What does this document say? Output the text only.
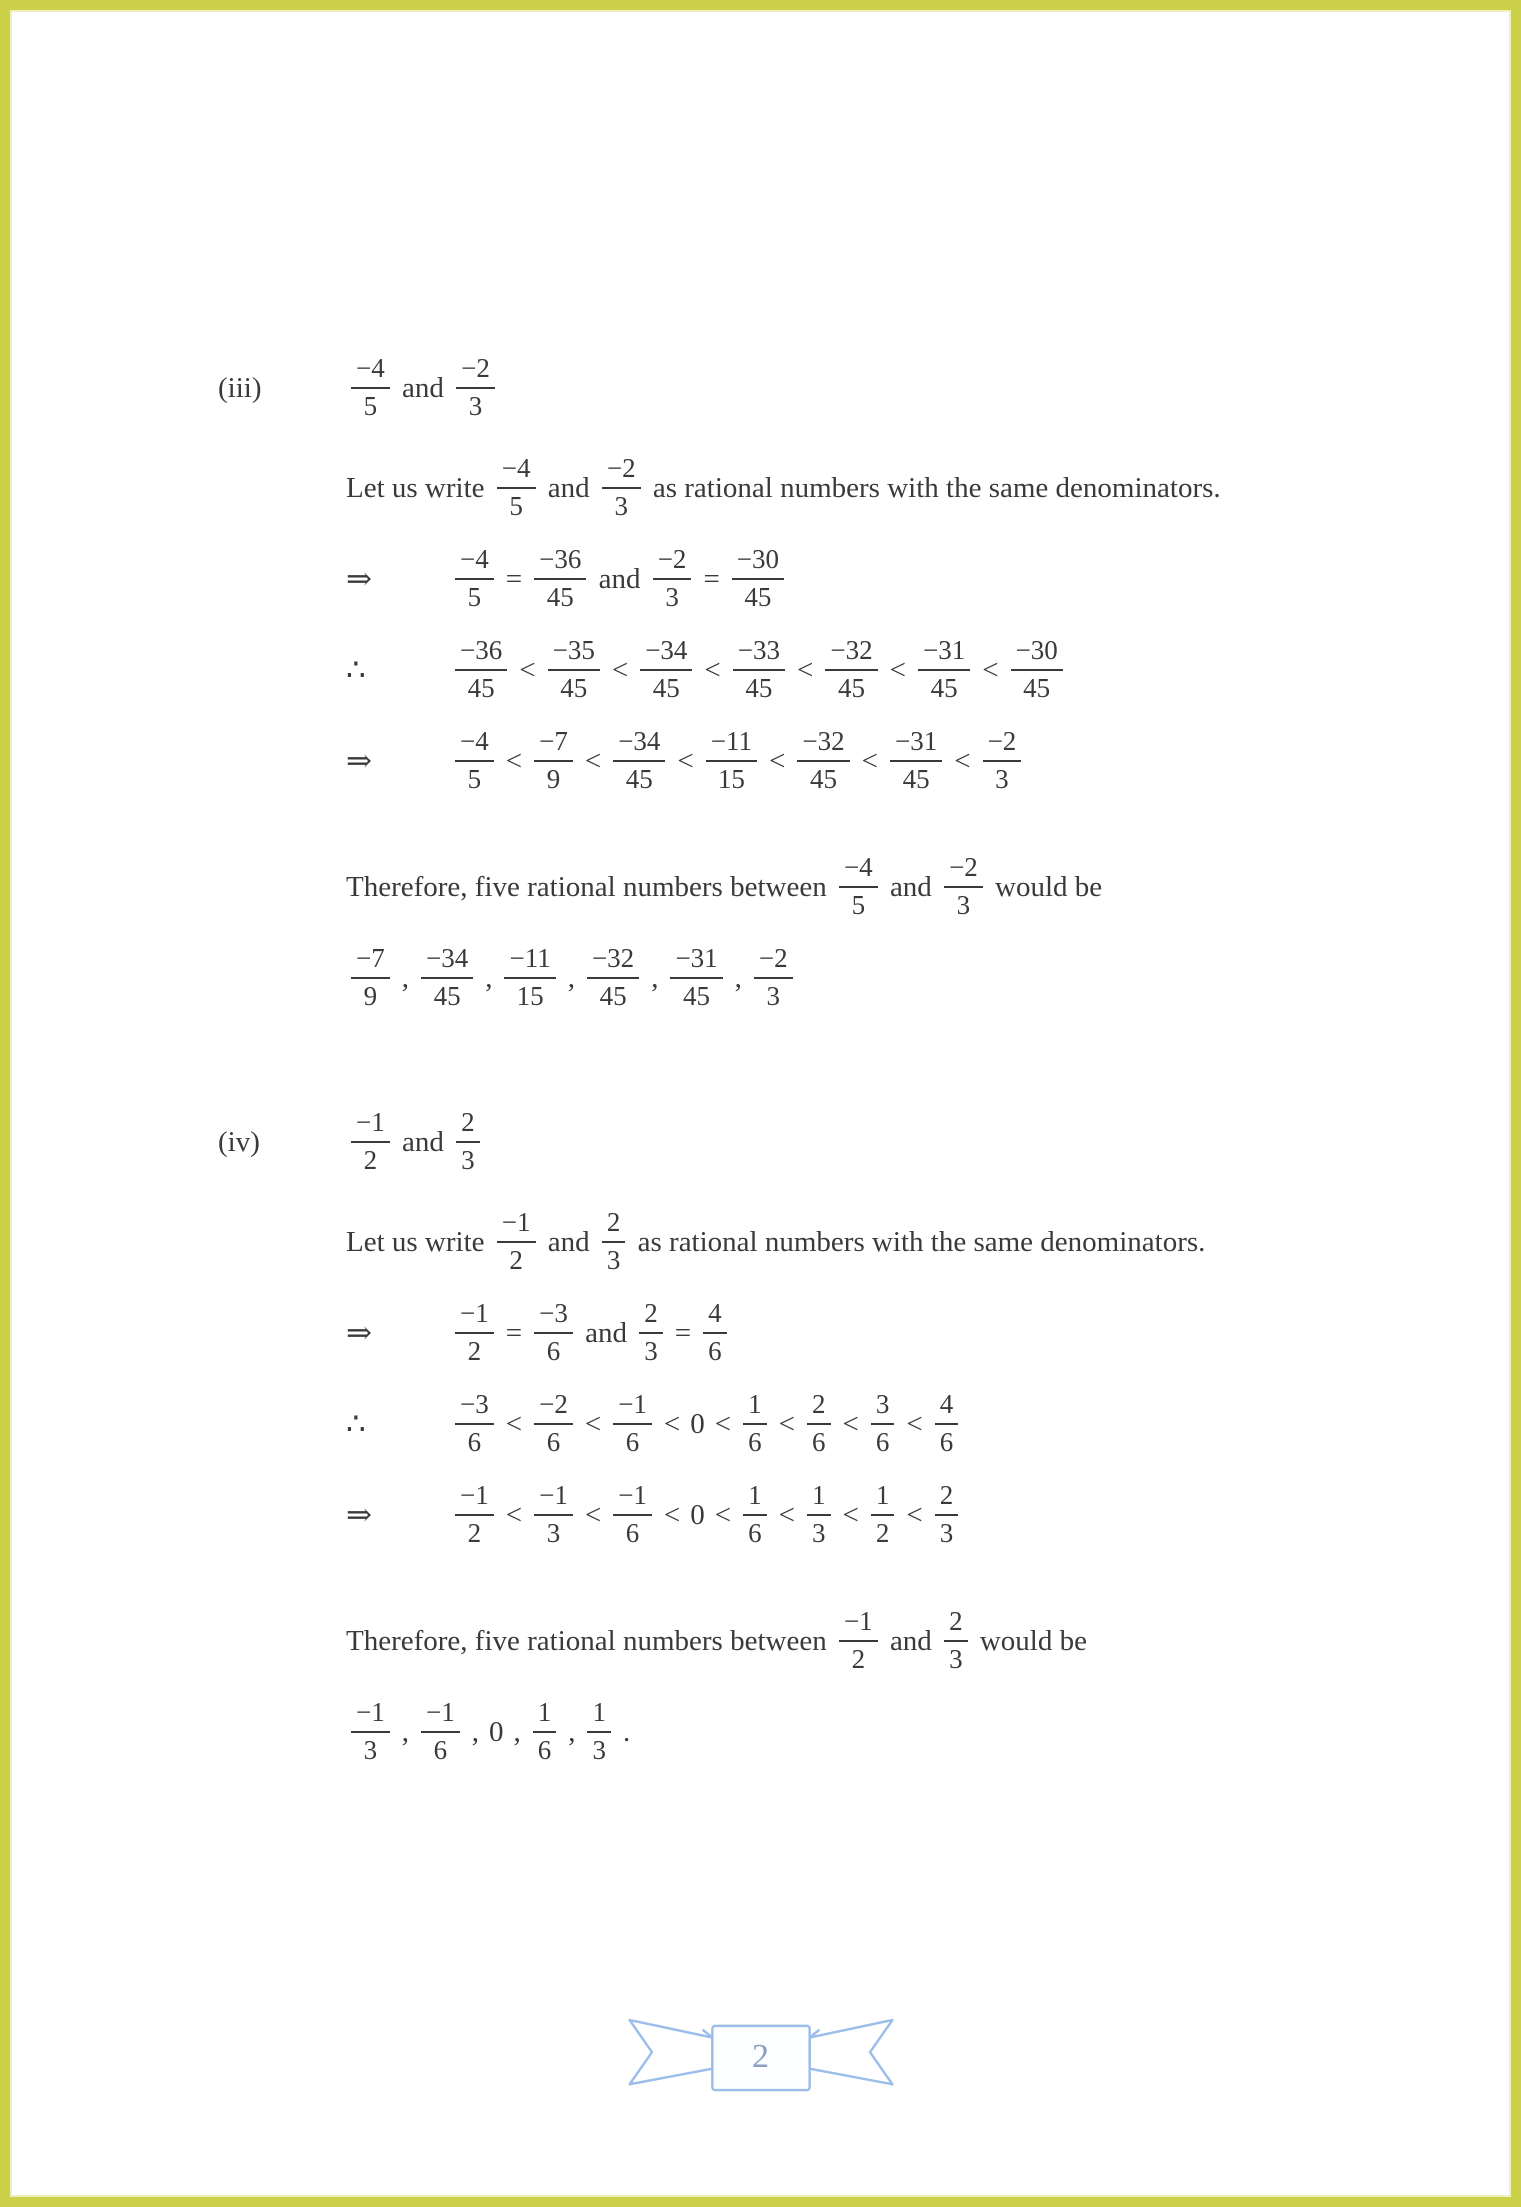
(iii)	$\frac{-4}{5}$ and $\frac{-2}{3}$
Let us write $\frac{-4}{5}$ and $\frac{-2}{3}$ as rational numbers with the same denominators.
⇒	$\frac{-4}{5} = \frac{-36}{45}$ and $\frac{-2}{3} = \frac{-30}{45}$
∴	$\frac{-36}{45} < \frac{-35}{45} < \frac{-34}{45} < \frac{-33}{45} < \frac{-32}{45} < \frac{-31}{45} < \frac{-30}{45}$
⇒	$\frac{-4}{5} < \frac{-7}{9} < \frac{-34}{45} < \frac{-11}{15} < \frac{-32}{45} < \frac{-31}{45} < \frac{-2}{3}$
Therefore, five rational numbers between $\frac{-4}{5}$ and $\frac{-2}{3}$ would be
$\frac{-7}{9}$ , $\frac{-34}{45}$ , $\frac{-11}{15}$ , $\frac{-32}{45}$ , $\frac{-31}{45}$ , $\frac{-2}{3}$
(iv)	$\frac{-1}{2}$ and $\frac{2}{3}$
Let us write $\frac{-1}{2}$ and $\frac{2}{3}$ as rational numbers with the same denominators.
⇒	$\frac{-1}{2} = \frac{-3}{6}$ and $\frac{2}{3} = \frac{4}{6}$
∴	$\frac{-3}{6} < \frac{-2}{6} < \frac{-1}{6} < 0 < \frac{1}{6} < \frac{2}{6} < \frac{3}{6} < \frac{4}{6}$
⇒	$\frac{-1}{2} < \frac{-1}{3} < \frac{-1}{6} < 0 < \frac{1}{6} < \frac{1}{3} < \frac{1}{2} < \frac{2}{3}$
Therefore, five rational numbers between $\frac{-1}{2}$ and $\frac{2}{3}$ would be
$\frac{-1}{3}$ , $\frac{-1}{6}$ , 0 , $\frac{1}{6}$ , $\frac{1}{3}$ .
2
